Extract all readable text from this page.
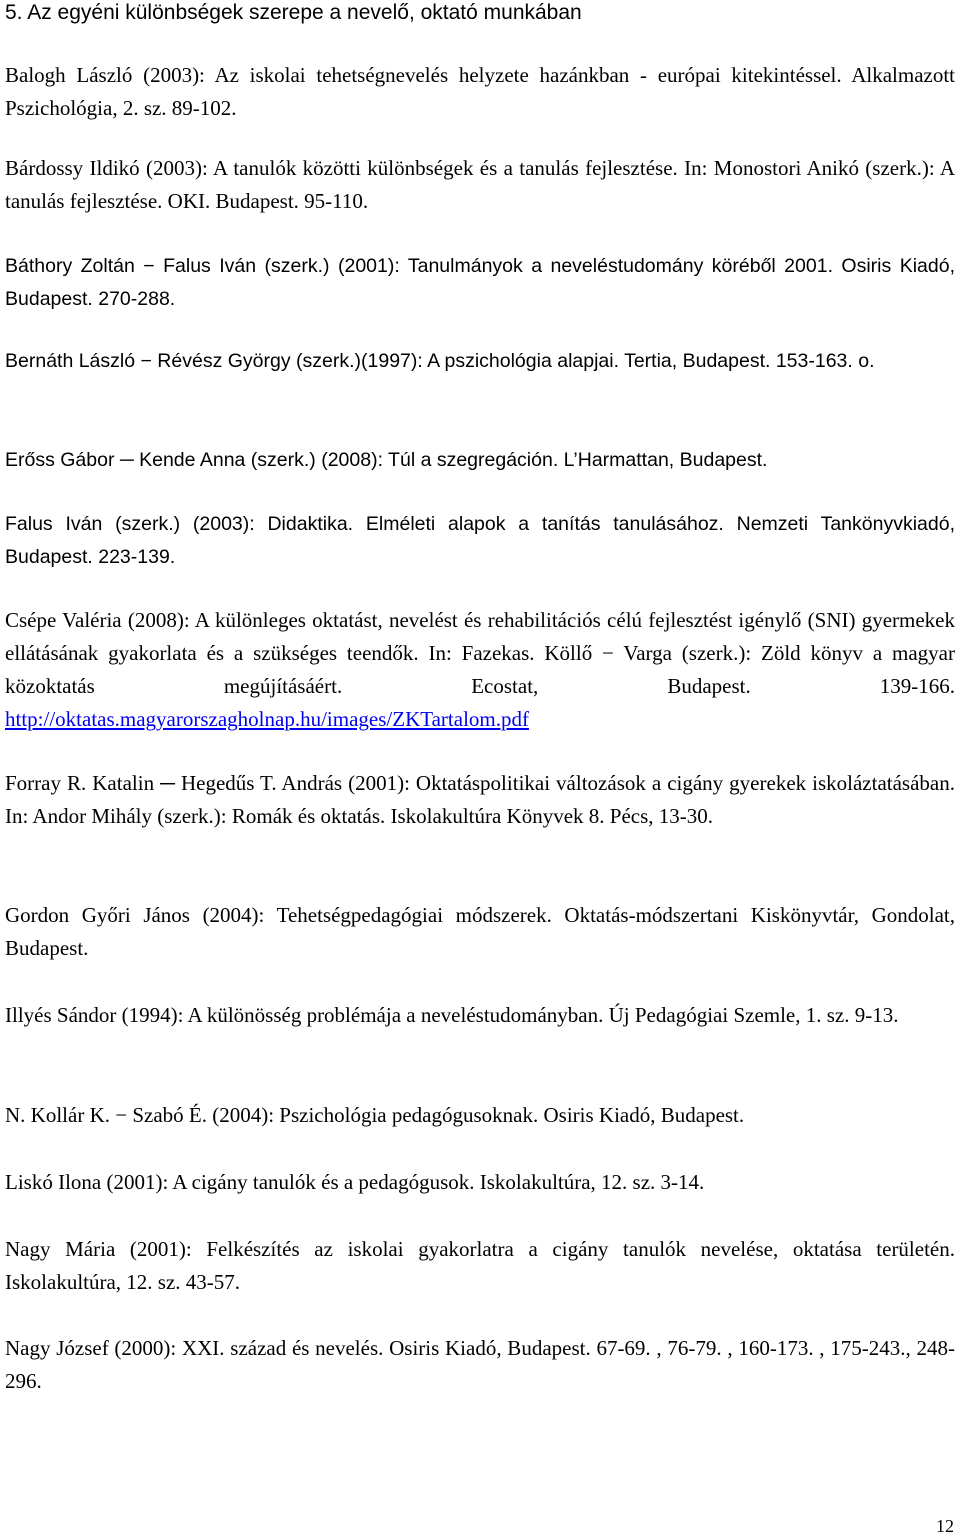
5. Az egyéni különbségek szerepe a nevelő, oktató munkában

Balogh László (2003): Az iskolai tehetségnevelés helyzete hazánkban - európai kitekintéssel. Alkalmazott Pszichológia, 2. sz. 89-102.

Bárdossy Ildikó (2003): A tanulók közötti különbségek és a tanulás fejlesztése. In: Monostori Anikó (szerk.): A tanulás fejlesztése. OKI. Budapest. 95-110.

Báthory Zoltán − Falus Iván (szerk.) (2001): Tanulmányok a neveléstudomány köréből 2001. Osiris Kiadó, Budapest. 270-288.

Bernáth László − Révész György (szerk.)(1997): A pszichológia alapjai. Tertia, Budapest. 153-163. o.

Erőss Gábor ─ Kende Anna (szerk.) (2008): Túl a szegregáción. L’Harmattan, Budapest.

Falus Iván (szerk.) (2003): Didaktika. Elméleti alapok a tanítás tanulásához. Nemzeti Tankönyvkiadó, Budapest. 223-139.

Csépe Valéria (2008): A különleges oktatást, nevelést és rehabilitációs célú fejlesztést igénylő (SNI) gyermekek ellátásának gyakorlata és a szükséges teendők. In: Fazekas. Köllő − Varga (szerk.): Zöld könyv a magyar közoktatás megújításáért. Ecostat, Budapest. 139-166. http://oktatas.magyarorszagholnap.hu/images/ZKTartalom.pdf

Forray R. Katalin ─ Hegedűs T. András (2001): Oktatáspolitikai változások a cigány gyerekek iskoláztatásában. In: Andor Mihály (szerk.): Romák és oktatás. Iskolakultúra Könyvek 8. Pécs, 13-30.

Gordon Győri János (2004): Tehetségpedagógiai módszerek. Oktatás-módszertani Kiskönyvtár, Gondolat, Budapest.

Illyés Sándor (1994): A különösség problémája a neveléstudományban. Új Pedagógiai Szemle, 1. sz. 9-13.

N. Kollár K. − Szabó É. (2004): Pszichológia pedagógusoknak. Osiris Kiadó, Budapest.

Liskó Ilona (2001): A cigány tanulók és a pedagógusok. Iskolakultúra, 12. sz. 3-14.

Nagy Mária (2001): Felkészítés az iskolai gyakorlatra a cigány tanulók nevelése, oktatása területén. Iskolakultúra, 12. sz. 43-57.

Nagy József (2000): XXI. század és nevelés. Osiris Kiadó, Budapest. 67-69. , 76-79. , 160-173. , 175-243., 248-296.

12
